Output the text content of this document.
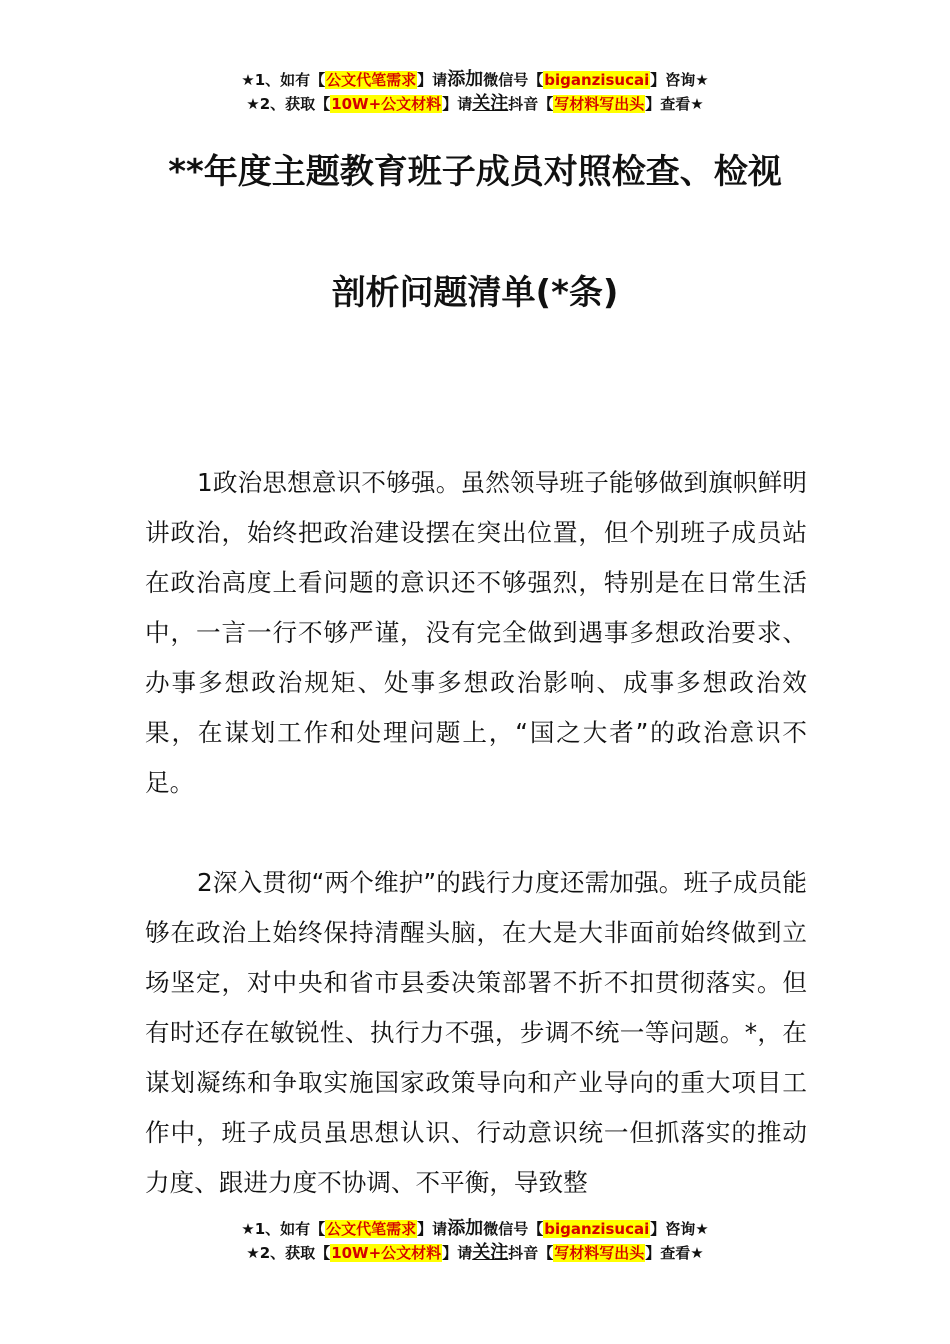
★1、如有【公文代笔需求】请添加微信号【biganzisucai】咨询★
★2、获取【10W+公文材料】请关注抖音【写材料写出头】查看★
**年度主题教育班子成员对照检查、检视
剖析问题清单(*条)

1政治思想意识不够强。虽然领导班子能够做到旗帜鲜明讲政治，始终把政治建设摆在突出位置，但个别班子成员站在政治高度上看问题的意识还不够强烈，特别是在日常生活中，一言一行不够严谨，没有完全做到遇事多想政治要求、办事多想政治规矩、处事多想政治影响、成事多想政治效果，在谋划工作和处理问题上，“国之大者”的政治意识不足。

2深入贯彻“两个维护”的践行力度还需加强。班子成员能够在政治上始终保持清醒头脑，在大是大非面前始终做到立场坚定，对中央和省市县委决策部署不折不扣贯彻落实。但有时还存在敏锐性、执行力不强，步调不统一等问题。*，在谋划凝练和争取实施国家政策导向和产业导向的重大项目工作中，班子成员虽思想认识、行动意识统一但抓落实的推动力度、跟进力度不协调、不平衡，导致整

★1、如有【公文代笔需求】请添加微信号【biganzisucai】咨询★
★2、获取【10W+公文材料】请关注抖音【写材料写出头】查看★
